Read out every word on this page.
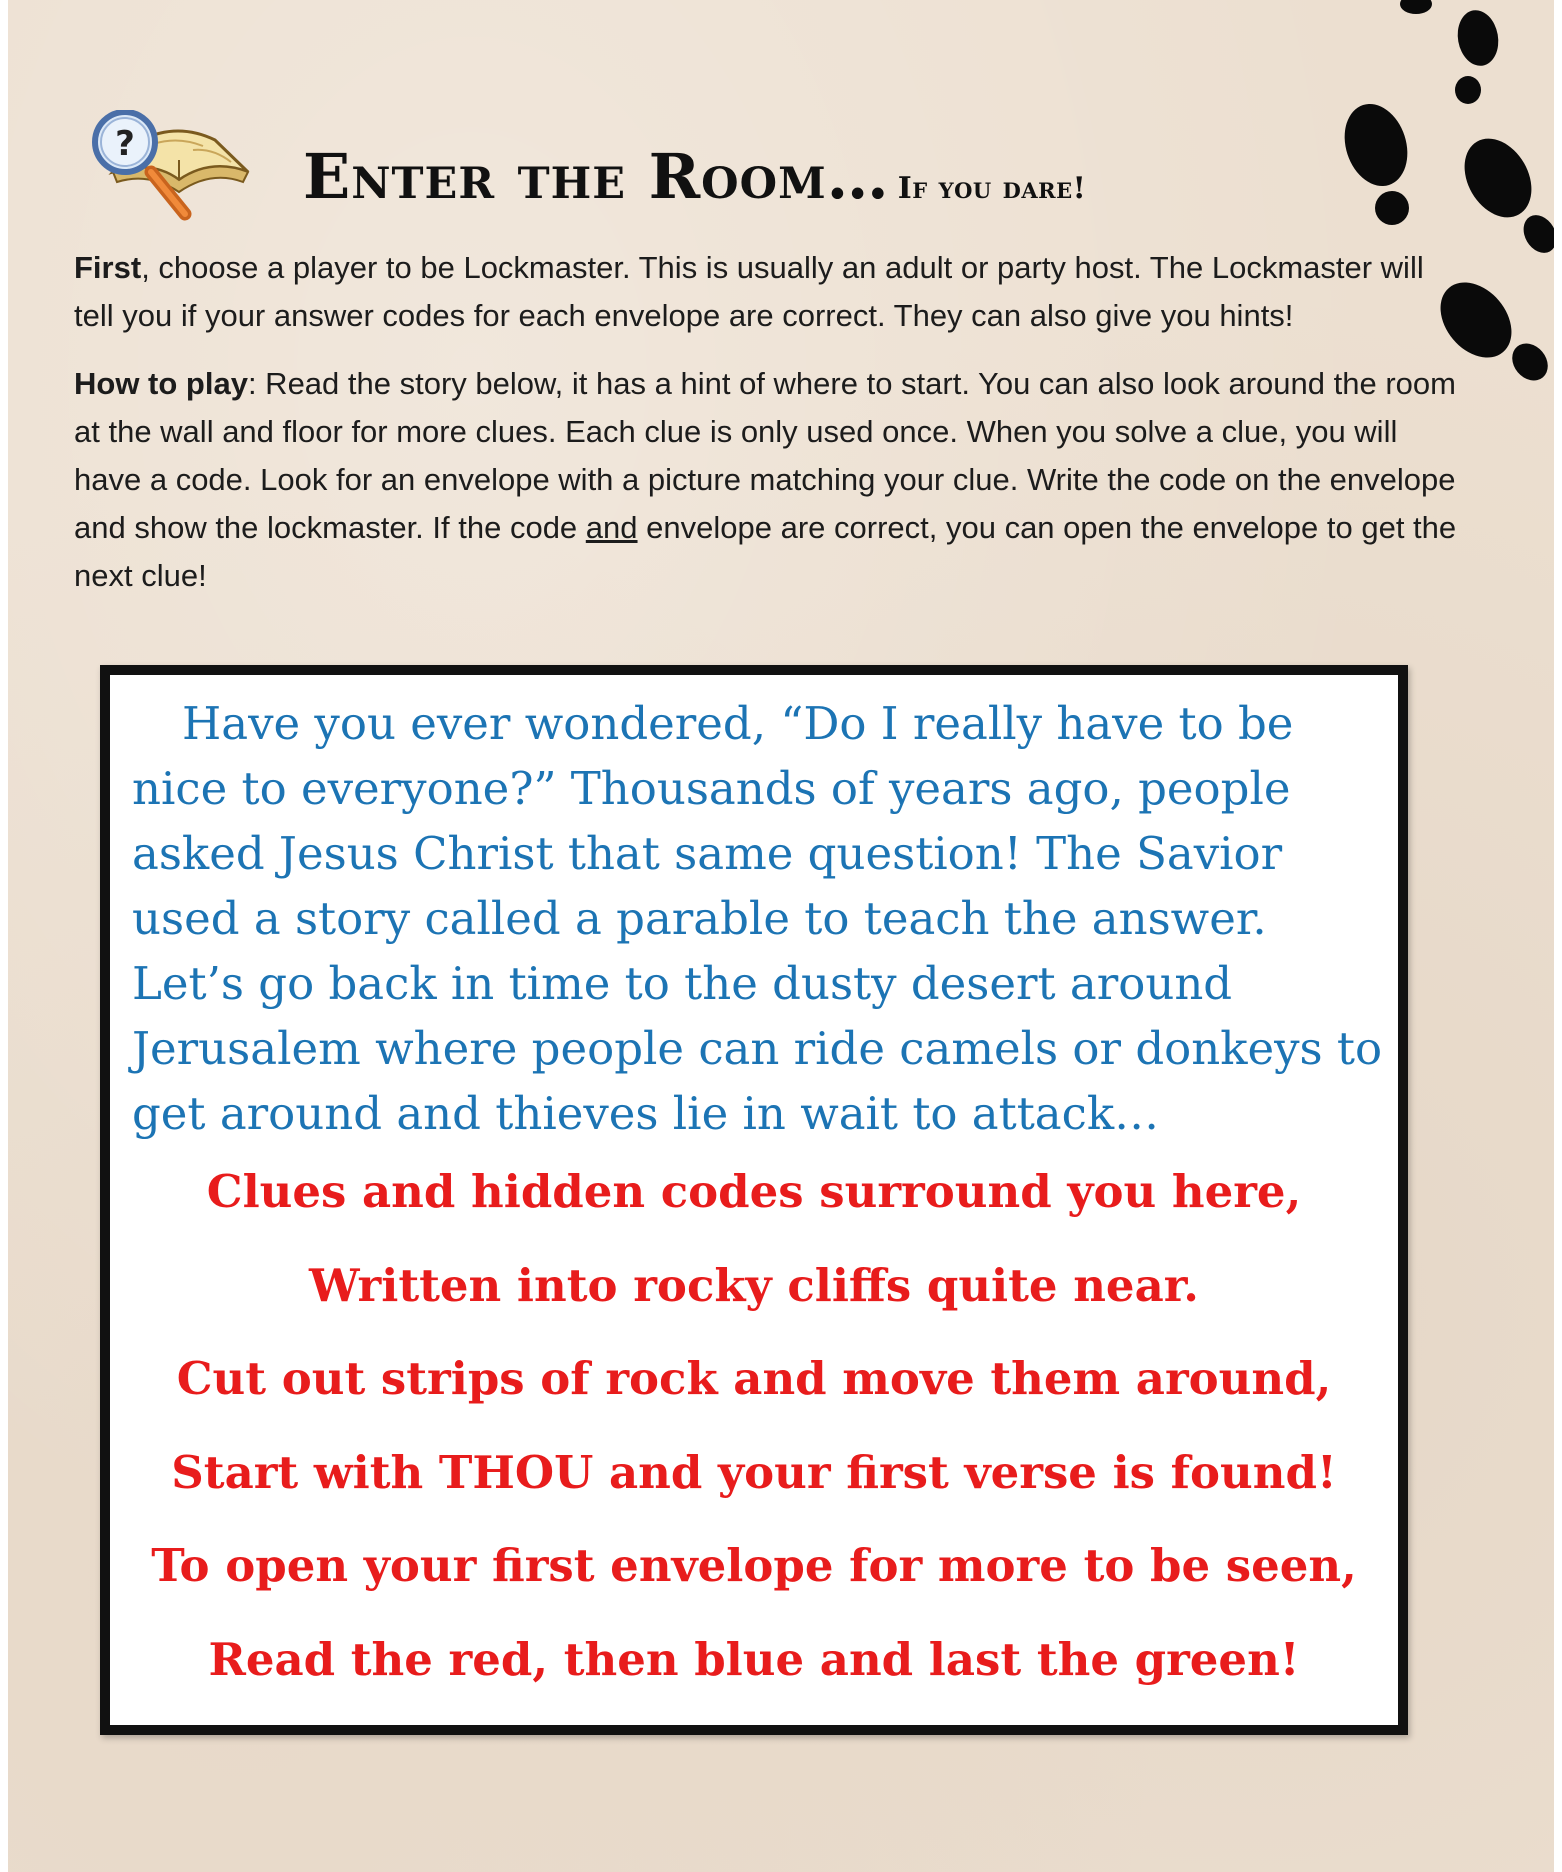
?	Enter the Room… If you dare!

First, choose a player to be Lockmaster. This is usually an adult or party host. The Lockmaster will tell you if your answer codes for each envelope are correct. They can also give you hints!

How to play: Read the story below, it has a hint of where to start. You can also look around the room at the wall and floor for more clues. Each clue is only used once. When you solve a clue, you will have a code. Look for an envelope with a picture matching your clue. Write the code on the envelope and show the lockmaster. If the code and envelope are correct, you can open the envelope to get the next clue!

Have you ever wondered, “Do I really have to be nice to everyone?” Thousands of years ago, people asked Jesus Christ that same question! The Savior used a story called a parable to teach the answer. Let’s go back in time to the dusty desert around Jerusalem where people can ride camels or donkeys to get around and thieves lie in wait to attack…

Clues and hidden codes surround you here,
Written into rocky cliffs quite near.
Cut out strips of rock and move them around,
Start with THOU and your first verse is found!
To open your first envelope for more to be seen,
Read the red, then blue and last the green!
